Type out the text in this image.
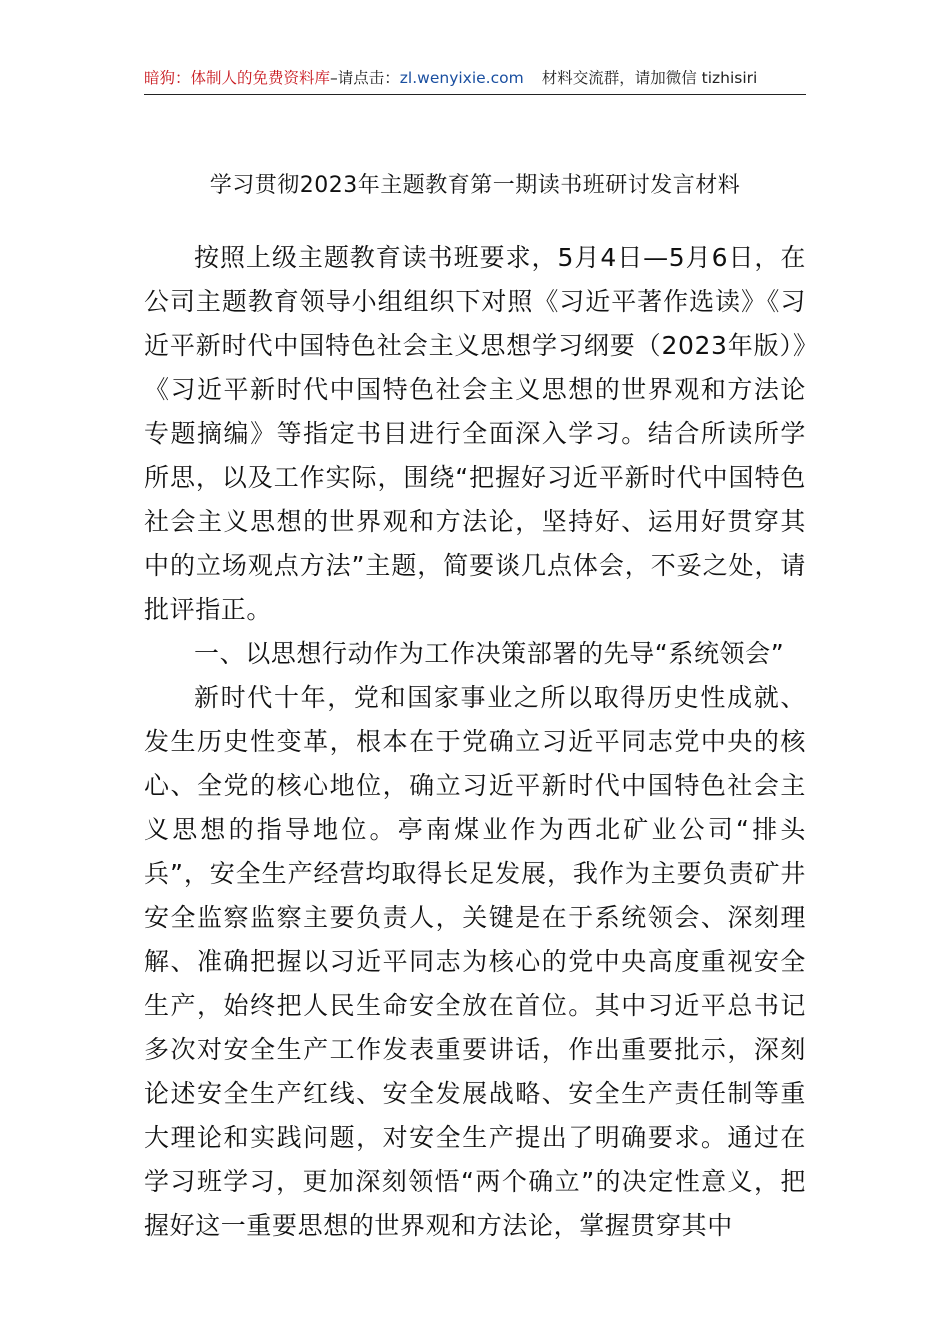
暗狗：体制人的免费资料库–请点击：zl.wenyixie.com 材料交流群，请加微信 tizhisiri
学习贯彻2023年主题教育第一期读书班研讨发言材料

按照上级主题教育读书班要求，5月4日—5月6日，在公司主题教育领导小组组织下对照《习近平著作选读》《习近平新时代中国特色社会主义思想学习纲要（2023年版）》《习近平新时代中国特色社会主义思想的世界观和方法论专题摘编》等指定书目进行全面深入学习。结合所读所学所思，以及工作实际，围绕“把握好习近平新时代中国特色社会主义思想的世界观和方法论，坚持好、运用好贯穿其中的立场观点方法”主题，简要谈几点体会，不妥之处，请批评指正。

一、以思想行动作为工作决策部署的先导“系统领会”

新时代十年，党和国家事业之所以取得历史性成就、发生历史性变革，根本在于党确立习近平同志党中央的核心、全党的核心地位，确立习近平新时代中国特色社会主义思想的指导地位。亭南煤业作为西北矿业公司“排头兵”，安全生产经营均取得长足发展，我作为主要负责矿井安全监察监察主要负责人，关键是在于系统领会、深刻理解、准确把握以习近平同志为核心的党中央高度重视安全生产，始终把人民生命安全放在首位。其中习近平总书记多次对安全生产工作发表重要讲话，作出重要批示，深刻论述安全生产红线、安全发展战略、安全生产责任制等重大理论和实践问题，对安全生产提出了明确要求。通过在学习班学习，更加深刻领悟“两个确立”的决定性意义，把握好这一重要思想的世界观和方法论，掌握贯穿其中
